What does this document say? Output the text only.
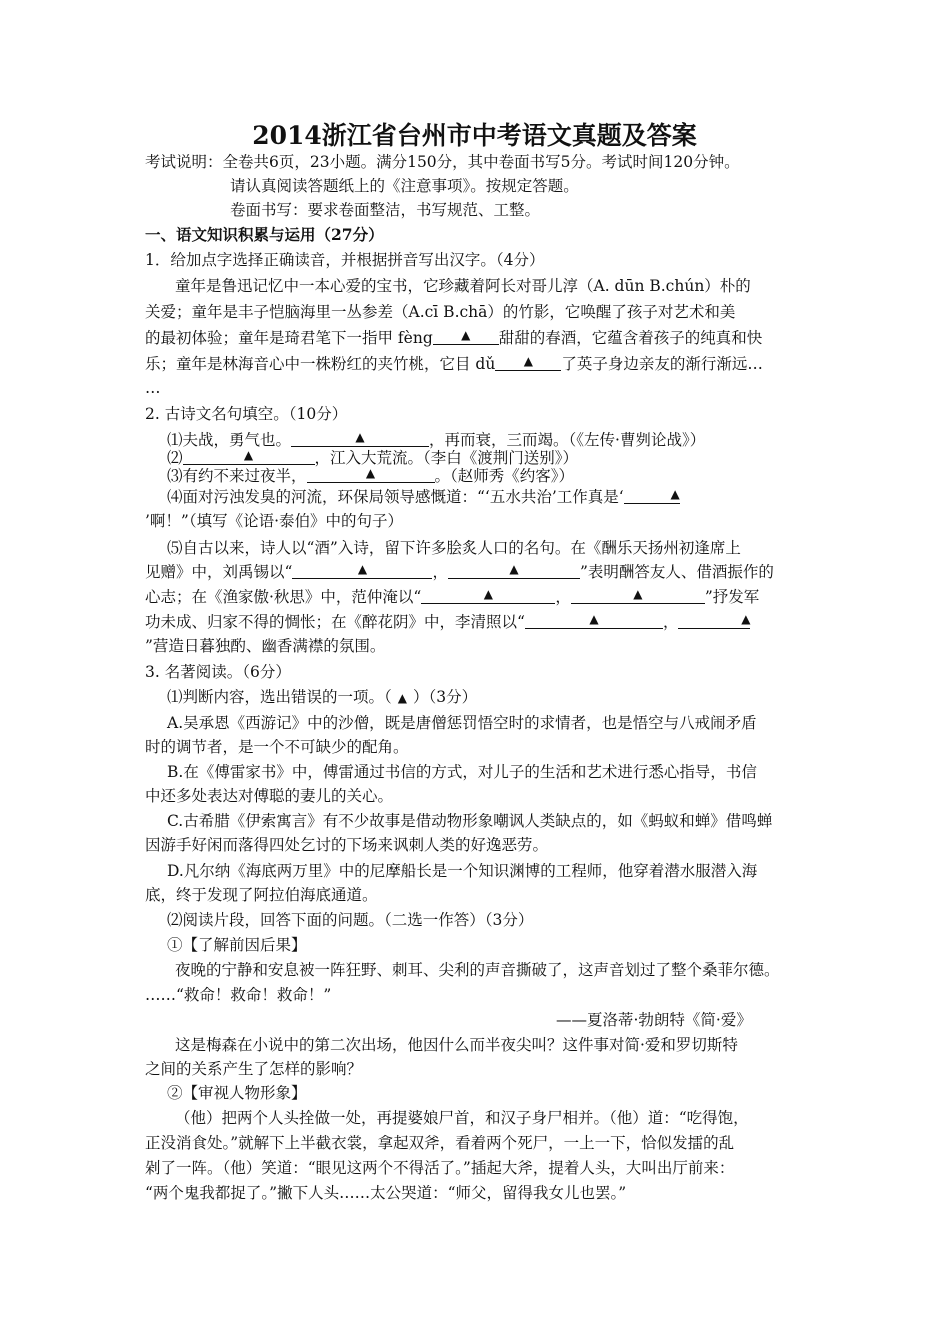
2014浙江省台州市中考语文真题及答案
考试说明：全卷共6页，23小题。满分150分，其中卷面书写5分。考试时间120分钟。
请认真阅读答题纸上的《注意事项》。按规定答题。
卷面书写：要求卷面整洁，书写规范、工整。
一、语文知识积累与运用（27分）
1．给加点字选择正确读音，并根据拼音写出汉字。（4分）
童年是鲁迅记忆中一本心爱的宝书，它珍藏着阿长对哥儿淳（A. dūn B.chún）朴的
关爱；童年是丰子恺脑海里一丛参差（A.cī B.chā）的竹影，它唤醒了孩子对艺术和美
的最初体验；童年是琦君笔下一指甲 fèng ▲ 甜甜的春酒，它蕴含着孩子的纯真和快
乐；童年是林海音心中一株粉红的夹竹桃，它目 dǔ ▲ 了英子身边亲友的渐行渐远…
…
2. 古诗文名句填空。（10分）
⑴夫战，勇气也。	▲	，再而衰，三而竭。（《左传·曹刿论战》）
⑵	▲	，江入大荒流。（李白《渡荆门送别》）
⑶有约不来过夜半，	▲	。（赵师秀《约客》）
⑷面对污浊发臭的河流，环保局领导感慨道：“‘五水共治’工作真是‘	▲
’啊！”（填写《论语·泰伯》中的句子）
⑸自古以来，诗人以“酒”入诗，留下许多脍炙人口的名句。在《酬乐天扬州初逢席上
见赠》中，刘禹锡以“	▲	，	▲	”表明酬答友人、借酒振作的
心志；在《渔家傲·秋思》中，范仲淹以“	▲	，	▲	”抒发军
功未成、归家不得的惆怅；在《醉花阴》中，李清照以“	▲	，	▲
”营造日暮独酌、幽香满襟的氛围。
3. 名著阅读。（6分）
⑴判断内容，选出错误的一项。（ ▲ ）（3分）
A.吴承恩《西游记》中的沙僧，既是唐僧惩罚悟空时的求情者，也是悟空与八戒闹矛盾
时的调节者，是一个不可缺少的配角。
B.在《傅雷家书》中，傅雷通过书信的方式，对儿子的生活和艺术进行悉心指导，书信
中还多处表达对傅聪的妻儿的关心。
C.古希腊《伊索寓言》有不少故事是借动物形象嘲讽人类缺点的，如《蚂蚁和蝉》借鸣蝉
因游手好闲而落得四处乞讨的下场来讽刺人类的好逸恶劳。
D.凡尔纳《海底两万里》中的尼摩船长是一个知识渊博的工程师，他穿着潜水服潜入海
底，终于发现了阿拉伯海底通道。
⑵阅读片段，回答下面的问题。（二选一作答）（3分）
①【了解前因后果】
夜晚的宁静和安息被一阵狂野、刺耳、尖利的声音撕破了，这声音划过了整个桑菲尔德。
……“救命！救命！救命！”
——夏洛蒂·勃朗特《简·爱》
这是梅森在小说中的第二次出场，他因什么而半夜尖叫？这件事对简·爱和罗切斯特
之间的关系产生了怎样的影响？
②【审视人物形象】
（他）把两个人头拴做一处，再提婆娘尸首，和汉子身尸相并。（他）道：“吃得饱，
正没消食处。”就解下上半截衣裳，拿起双斧，看着两个死尸，一上一下，恰似发擂的乱
剁了一阵。（他）笑道：“眼见这两个不得活了。”插起大斧，提着人头，大叫出厅前来：
“两个鬼我都捉了。”撇下人头……太公哭道：“师父，留得我女儿也罢。”
